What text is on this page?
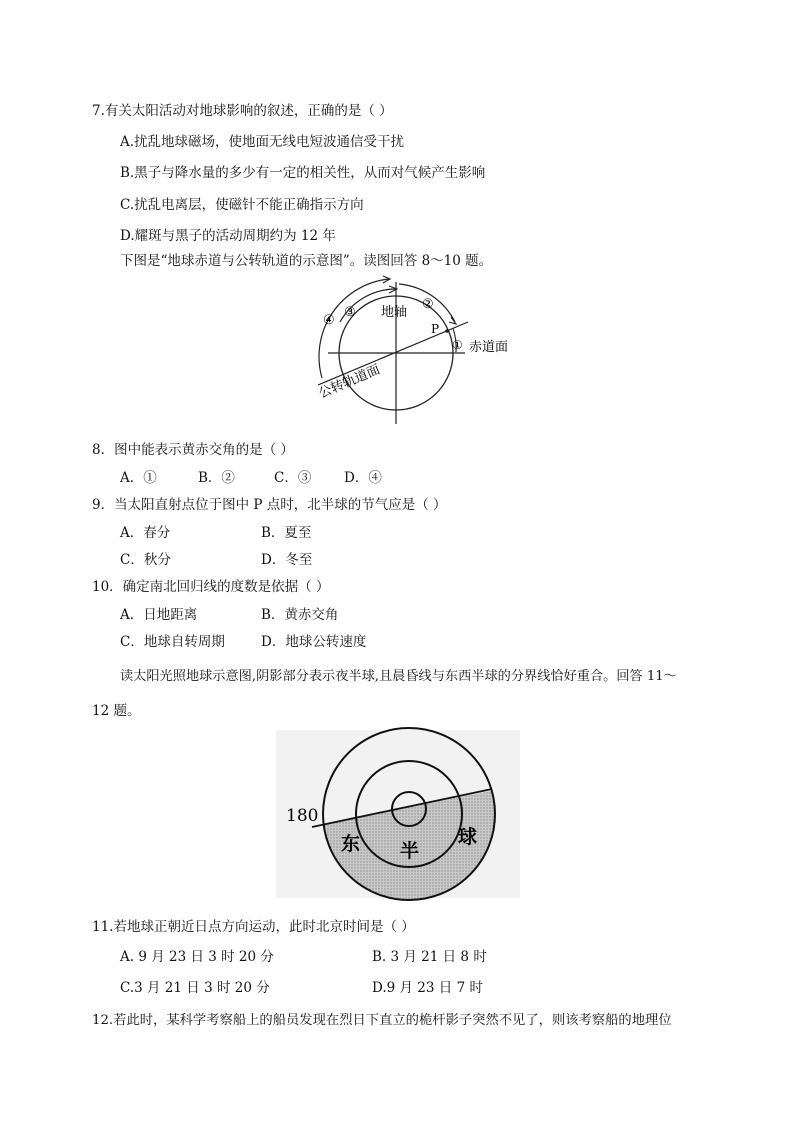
7.有关太阳活动对地球影响的叙述，正确的是（ ）
A.扰乱地球磁场，使地面无线电短波通信受干扰
B.黑子与降水量的多少有一定的相关性，从而对气候产生影响
C.扰乱电离层，使磁针不能正确指示方向
D.耀斑与黑子的活动周期约为 12 年
下图是“地球赤道与公转轨道的示意图”。读图回答 8～10 题。
地轴
P
赤道面
①
②
③
④
公转轨道面
8．图中能表示黄赤交角的是（ ）
A．①	B．②	C．③ D．④
9．当太阳直射点位于图中 P 点时，北半球的节气应是（ ）
A．春分	B．夏至
C．秋分	D．冬至
10．确定南北回归线的度数是依据（ ）
A．日地距离	B．黄赤交角
C．地球自转周期	D．地球公转速度
读太阳光照地球示意图,阴影部分表示夜半球,且晨昏线与东西半球的分界线恰好重合。回答 11～
12 题。
180
东 半
球
11.若地球正朝近日点方向运动，此时北京时间是（ ）
A. 9 月 23 日 3 时 20 分	B. 3 月 21 日 8 时
C.3 月 21 日 3 时 20 分	D.9 月 23 日 7 时
12.若此时，某科学考察船上的船员发现在烈日下直立的桅杆影子突然不见了，则该考察船的地理位
